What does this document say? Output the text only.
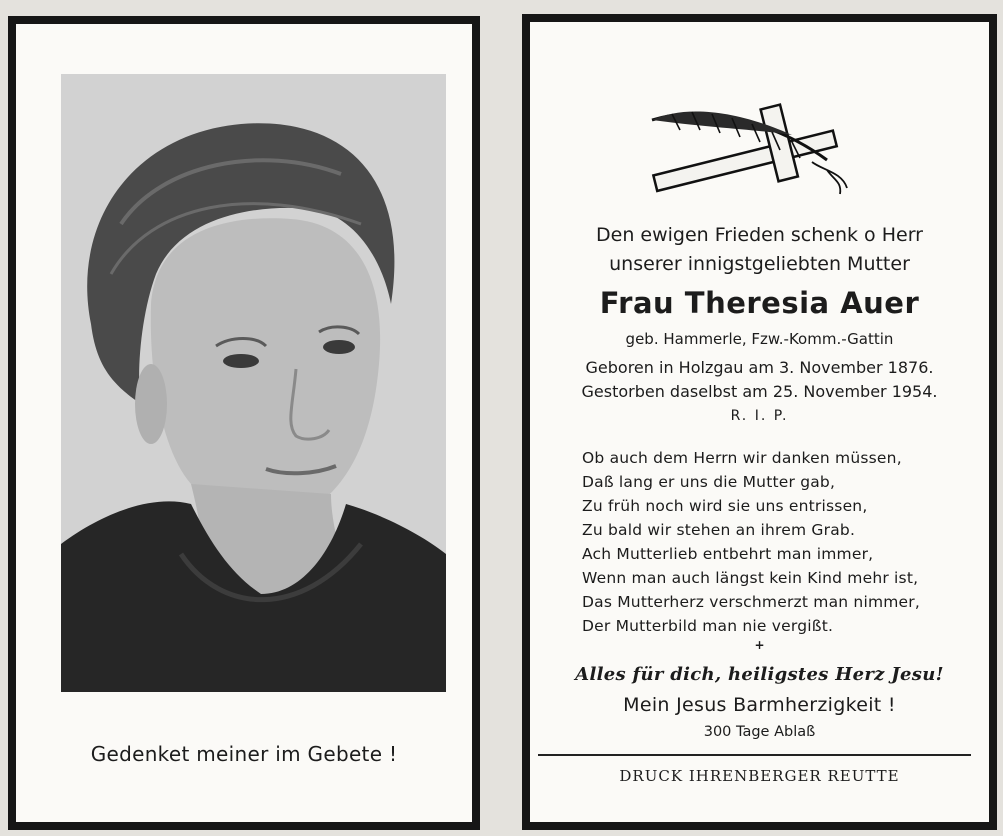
Gedenket meiner im Gebete !
Den ewigen Frieden schenk o Herr
unserer innigstgeliebten Mutter
Frau Theresia Auer
geb. Hammerle, Fzw.-Komm.-Gattin
Geboren in Holzgau am 3. November 1876.
Gestorben daselbst am 25. November 1954.
R. I. P.
Ob auch dem Herrn wir danken müssen,
Daß lang er uns die Mutter gab,
Zu früh noch wird sie uns entrissen,
Zu bald wir stehen an ihrem Grab.
Ach Mutterlieb entbehrt man immer,
Wenn man auch längst kein Kind mehr ist,
Das Mutterherz verschmerzt man nimmer,
Der Mutterbild man nie vergißt.
+
Alles für dich, heiligstes Herz Jesu!
Mein Jesus Barmherzigkeit !
300 Tage Ablaß
DRUCK IHRENBERGER REUTTE
